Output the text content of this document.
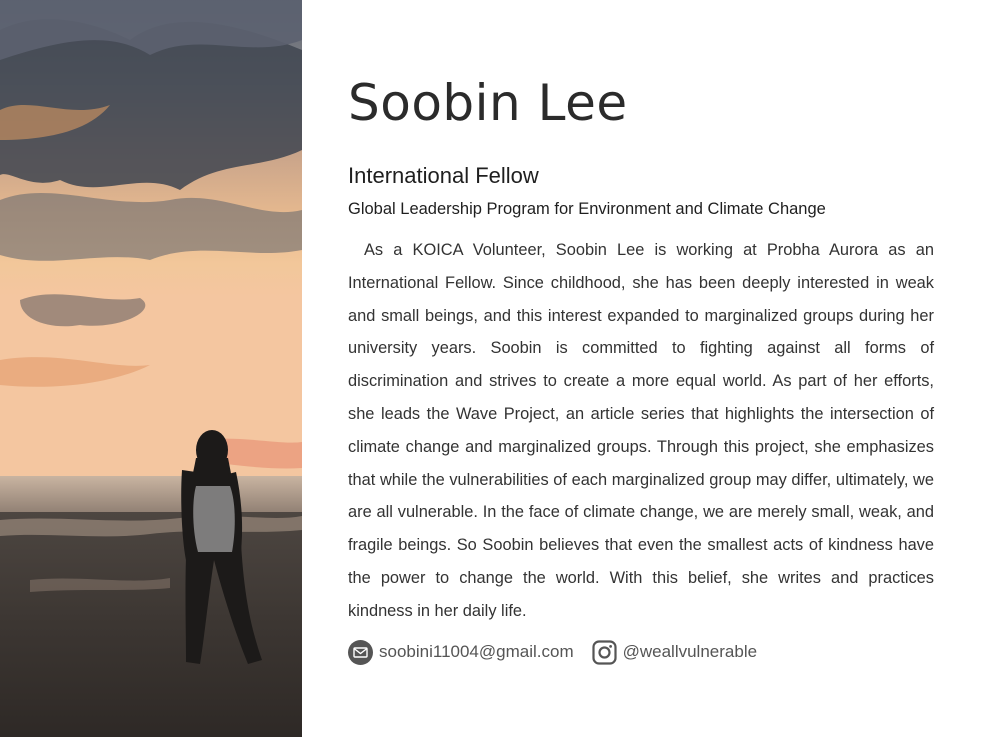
Soobin Lee
International Fellow
Global Leadership Program for Environment and Climate Change

As a KOICA Volunteer, Soobin Lee is working at Probha Aurora as an International Fellow. Since childhood, she has been deeply interested in weak and small beings, and this interest expanded to marginalized groups during her university years. Soobin is committed to fighting against all forms of discrimination and strives to create a more equal world. As part of her efforts, she leads the Wave Project, an article series that highlights the intersection of climate change and marginalized groups. Through this project, she emphasizes that while the vulnerabilities of each marginalized group may differ, ultimately, we are all vulnerable. In the face of climate change, we are merely small, weak, and fragile beings. So Soobin believes that even the smallest acts of kindness have the power to change the world. With this belief, she writes and practices kindness in her daily life.

soobini11004@gmail.com	@weallvulnerable
